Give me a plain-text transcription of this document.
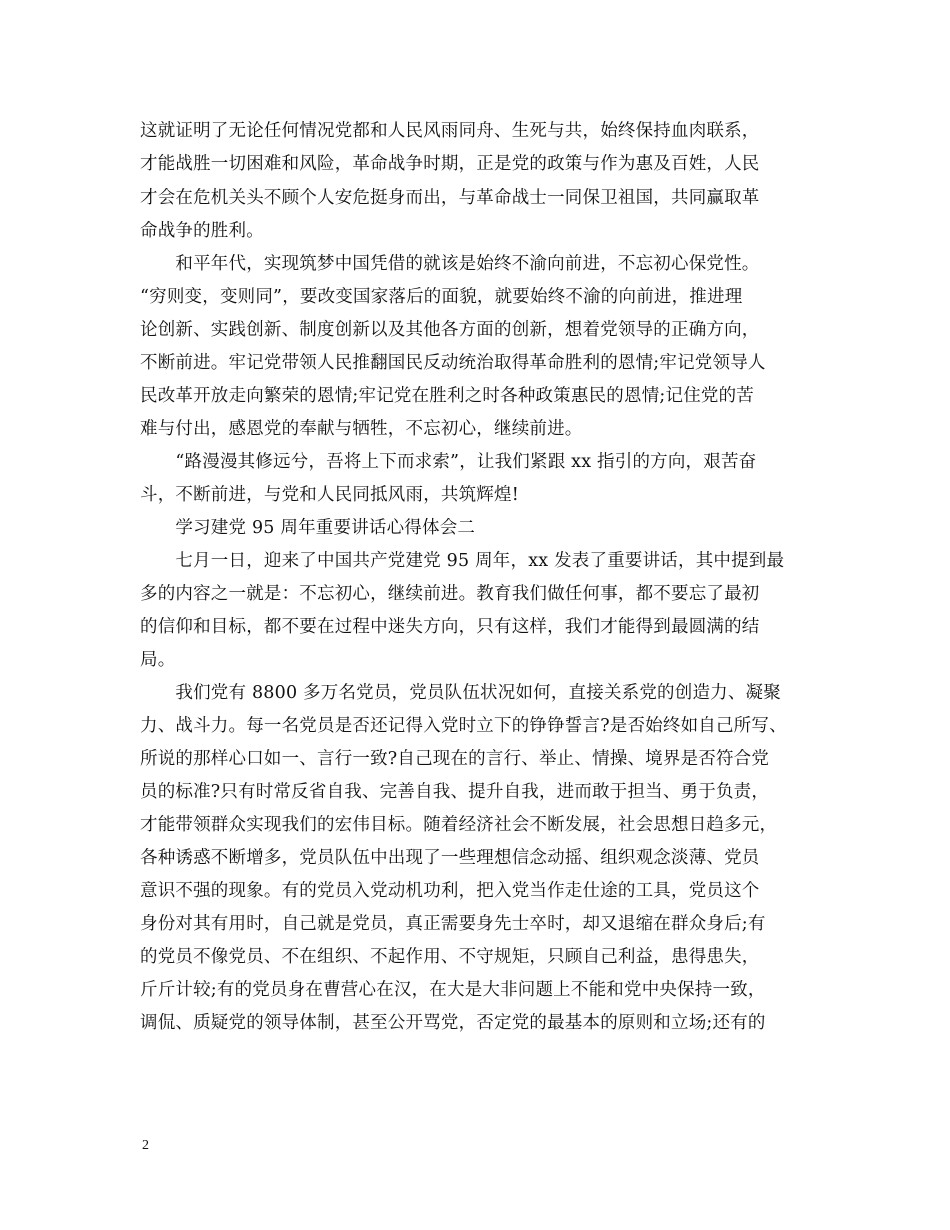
这就证明了无论任何情况党都和人民风雨同舟、生死与共，始终保持血肉联系，
才能战胜一切困难和风险，革命战争时期，正是党的政策与作为惠及百姓，人民
才会在危机关头不顾个人安危挺身而出，与革命战士一同保卫祖国，共同赢取革
命战争的胜利。
　　和平年代，实现筑梦中国凭借的就该是始终不渝向前进，不忘初心保党性。
“穷则变，变则同”，要改变国家落后的面貌，就要始终不渝的向前进，推进理
论创新、实践创新、制度创新以及其他各方面的创新，想着党领导的正确方向，
不断前进。牢记党带领人民推翻国民反动统治取得革命胜利的恩情;牢记党领导人
民改革开放走向繁荣的恩情;牢记党在胜利之时各种政策惠民的恩情;记住党的苦
难与付出，感恩党的奉献与牺牲，不忘初心，继续前进。
　　“路漫漫其修远兮，吾将上下而求索”，让我们紧跟 xx 指引的方向，艰苦奋
斗，不断前进，与党和人民同抵风雨，共筑辉煌!
　　学习建党 95 周年重要讲话心得体会二
　　七月一日，迎来了中国共产党建党 95 周年，xx 发表了重要讲话，其中提到最
多的内容之一就是：不忘初心，继续前进。教育我们做任何事，都不要忘了最初
的信仰和目标，都不要在过程中迷失方向，只有这样，我们才能得到最圆满的结
局。
　　我们党有 8800 多万名党员，党员队伍状况如何，直接关系党的创造力、凝聚
力、战斗力。每一名党员是否还记得入党时立下的铮铮誓言?是否始终如自己所写、
所说的那样心口如一、言行一致?自己现在的言行、举止、情操、境界是否符合党
员的标准?只有时常反省自我、完善自我、提升自我，进而敢于担当、勇于负责，
才能带领群众实现我们的宏伟目标。随着经济社会不断发展，社会思想日趋多元，
各种诱惑不断增多，党员队伍中出现了一些理想信念动摇、组织观念淡薄、党员
意识不强的现象。有的党员入党动机功利，把入党当作走仕途的工具，党员这个
身份对其有用时，自己就是党员，真正需要身先士卒时，却又退缩在群众身后;有
的党员不像党员、不在组织、不起作用、不守规矩，只顾自己利益，患得患失，
斤斤计较;有的党员身在曹营心在汉，在大是大非问题上不能和党中央保持一致，
调侃、质疑党的领导体制，甚至公开骂党，否定党的最基本的原则和立场;还有的
2
